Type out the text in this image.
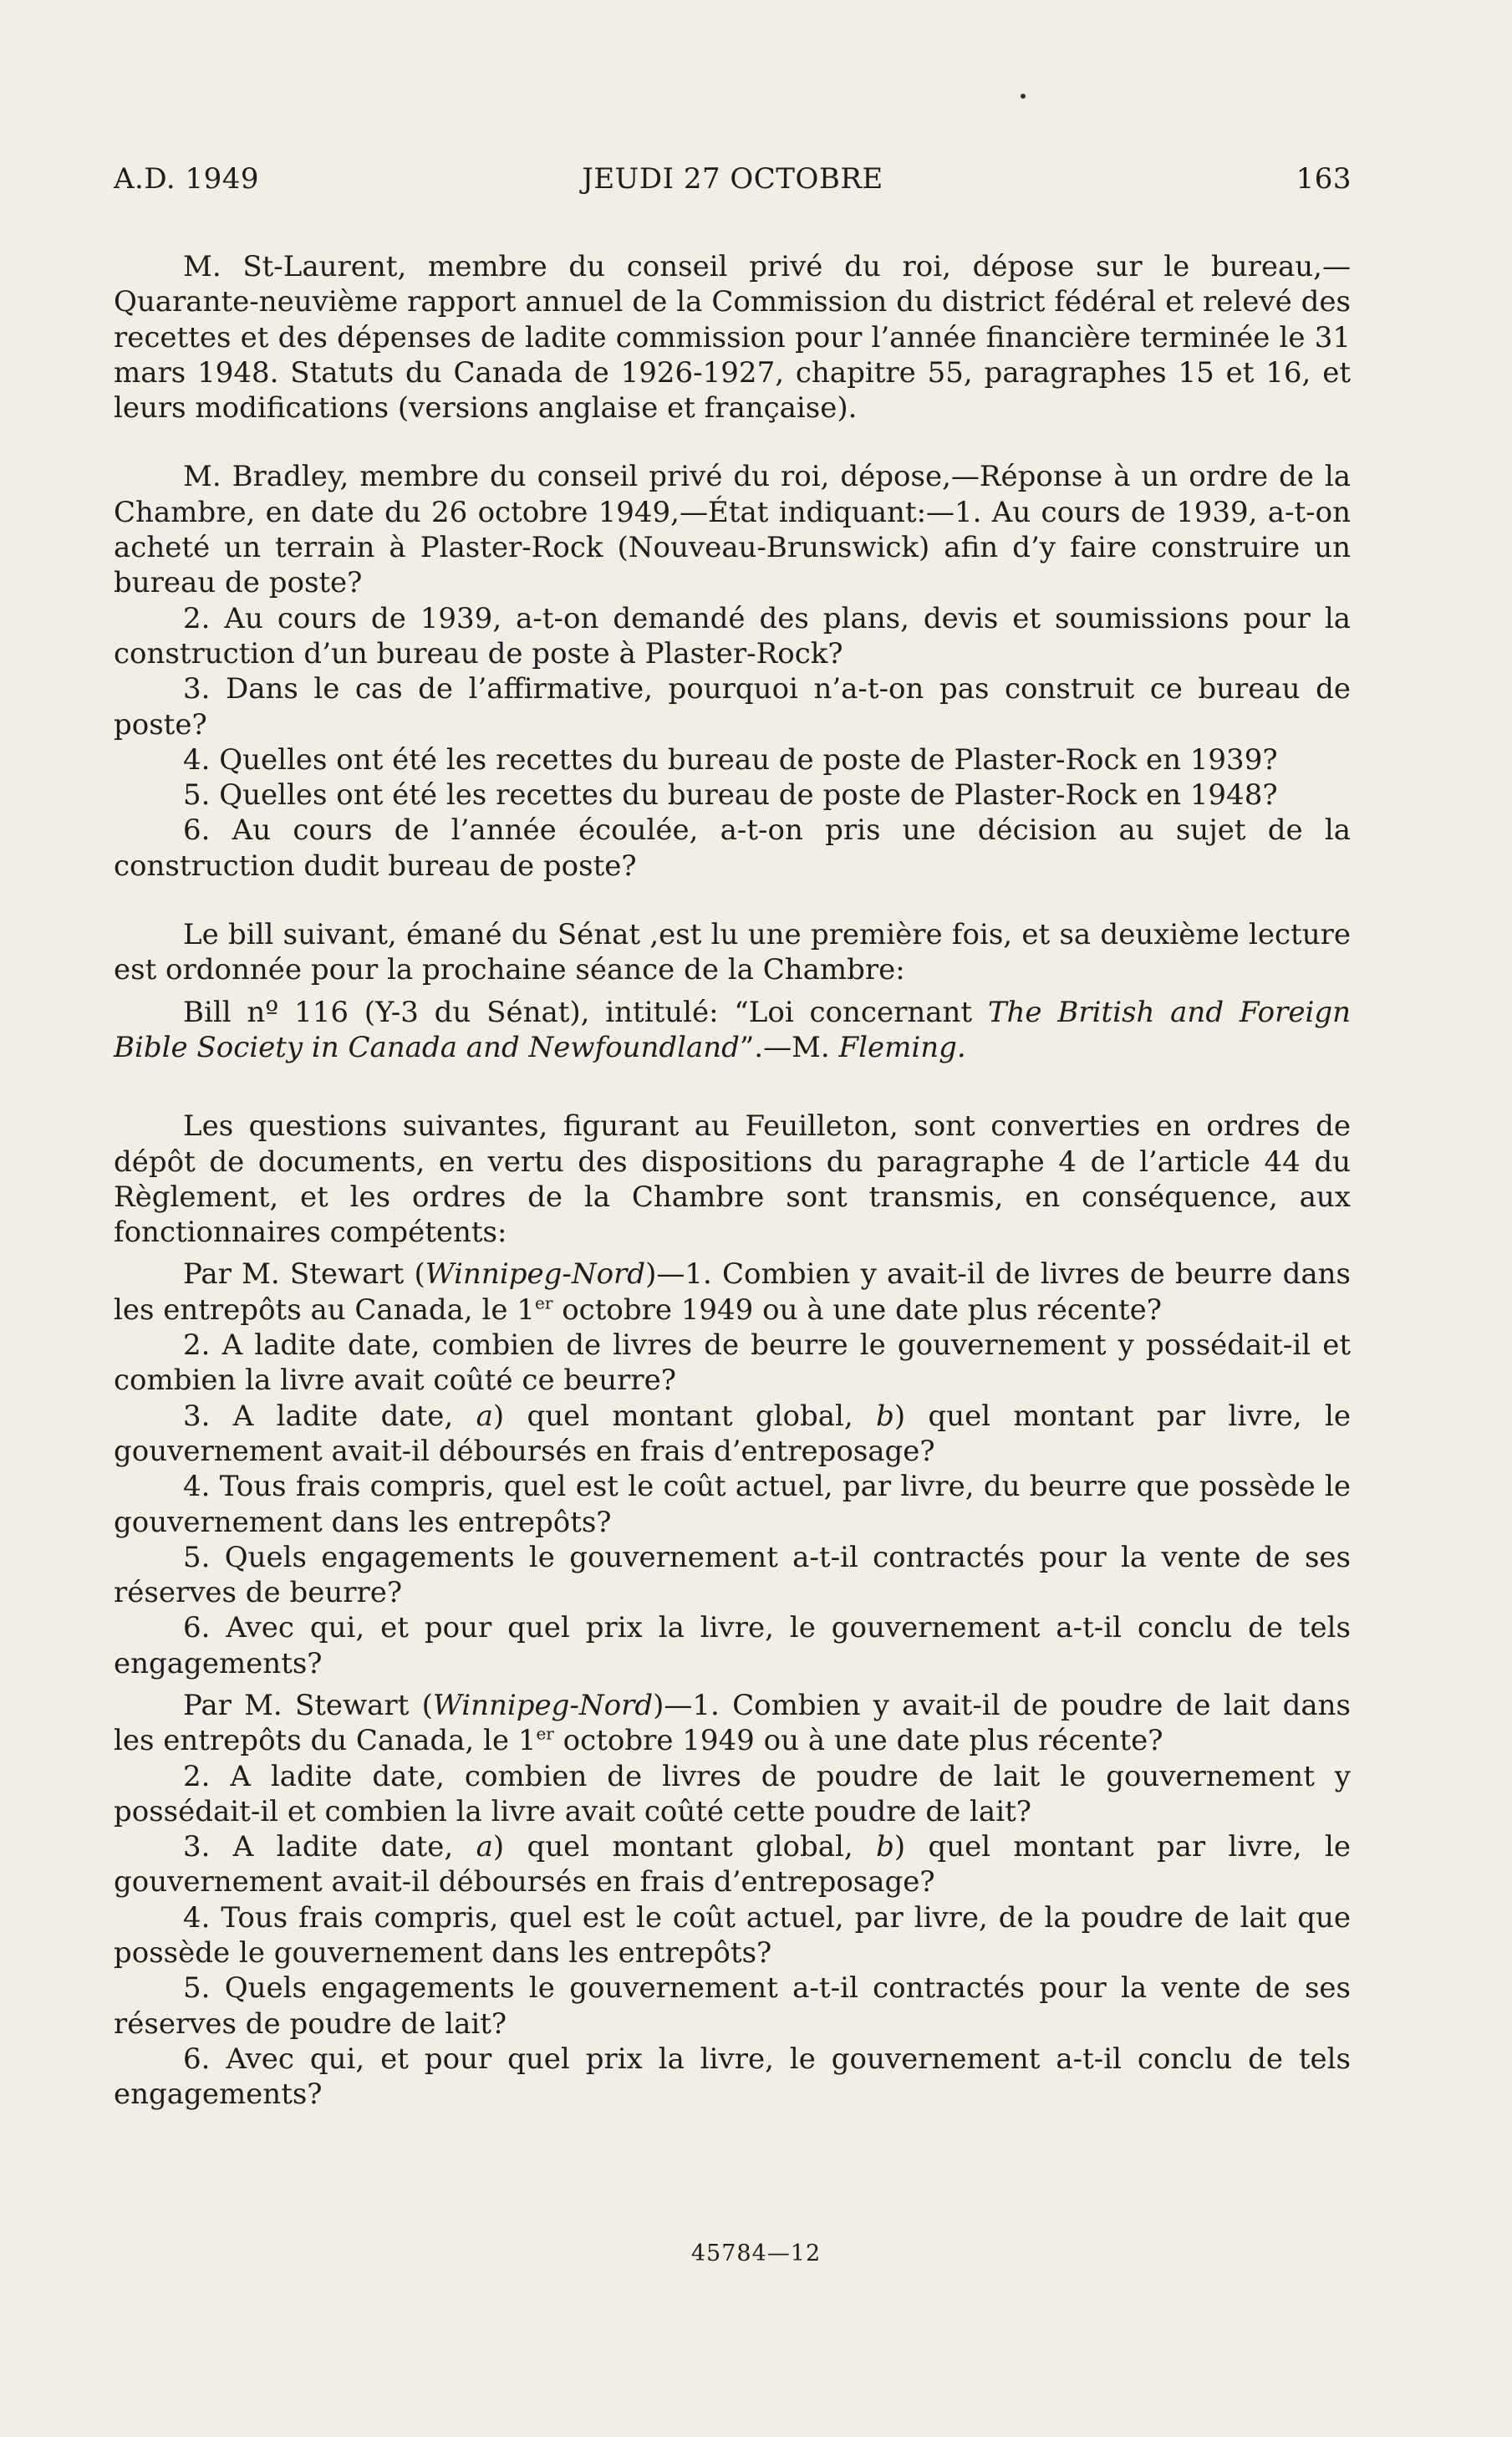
A.D. 1949	JEUDI 27 OCTOBRE	163

M. St-Laurent, membre du conseil privé du roi, dépose sur le bureau,—Quarante-neuvième rapport annuel de la Commission du district fédéral et relevé des recettes et des dépenses de ladite commission pour l’année financière terminée le 31 mars 1948. Statuts du Canada de 1926-1927, chapitre 55, paragraphes 15 et 16, et leurs modifications (versions anglaise et française).

M. Bradley, membre du conseil privé du roi, dépose,—Réponse à un ordre de la Chambre, en date du 26 octobre 1949,—État indiquant:—1. Au cours de 1939, a-t-on acheté un terrain à Plaster-Rock (Nouveau-Brunswick) afin d’y faire construire un bureau de poste?

2. Au cours de 1939, a-t-on demandé des plans, devis et soumissions pour la construction d’un bureau de poste à Plaster-Rock?

3. Dans le cas de l’affirmative, pourquoi n’a-t-on pas construit ce bureau de poste?

4. Quelles ont été les recettes du bureau de poste de Plaster-Rock en 1939?

5. Quelles ont été les recettes du bureau de poste de Plaster-Rock en 1948?

6. Au cours de l’année écoulée, a-t-on pris une décision au sujet de la construction dudit bureau de poste?

Le bill suivant, émané du Sénat ,est lu une première fois, et sa deuxième lecture est ordonnée pour la prochaine séance de la Chambre:

Bill nº 116 (Y-3 du Sénat), intitulé: “Loi concernant The British and Foreign Bible Society in Canada and Newfoundland”.—M. Fleming.

Les questions suivantes, figurant au Feuilleton, sont converties en ordres de dépôt de documents, en vertu des dispositions du paragraphe 4 de l’article 44 du Règlement, et les ordres de la Chambre sont transmis, en conséquence, aux fonctionnaires compétents:

Par M. Stewart (Winnipeg-Nord)—1. Combien y avait-il de livres de beurre dans les entrepôts au Canada, le 1er octobre 1949 ou à une date plus récente?

2. A ladite date, combien de livres de beurre le gouvernement y possédait-il et combien la livre avait coûté ce beurre?

3. A ladite date, a) quel montant global, b) quel montant par livre, le gouvernement avait-il déboursés en frais d’entreposage?

4. Tous frais compris, quel est le coût actuel, par livre, du beurre que possède le gouvernement dans les entrepôts?

5. Quels engagements le gouvernement a-t-il contractés pour la vente de ses réserves de beurre?

6. Avec qui, et pour quel prix la livre, le gouvernement a-t-il conclu de tels engagements?

Par M. Stewart (Winnipeg-Nord)—1. Combien y avait-il de poudre de lait dans les entrepôts du Canada, le 1er octobre 1949 ou à une date plus récente?

2. A ladite date, combien de livres de poudre de lait le gouvernement y possédait-il et combien la livre avait coûté cette poudre de lait?

3. A ladite date, a) quel montant global, b) quel montant par livre, le gouvernement avait-il déboursés en frais d’entreposage?

4. Tous frais compris, quel est le coût actuel, par livre, de la poudre de lait que possède le gouvernement dans les entrepôts?

5. Quels engagements le gouvernement a-t-il contractés pour la vente de ses réserves de poudre de lait?

6. Avec qui, et pour quel prix la livre, le gouvernement a-t-il conclu de tels engagements?

45784—12
